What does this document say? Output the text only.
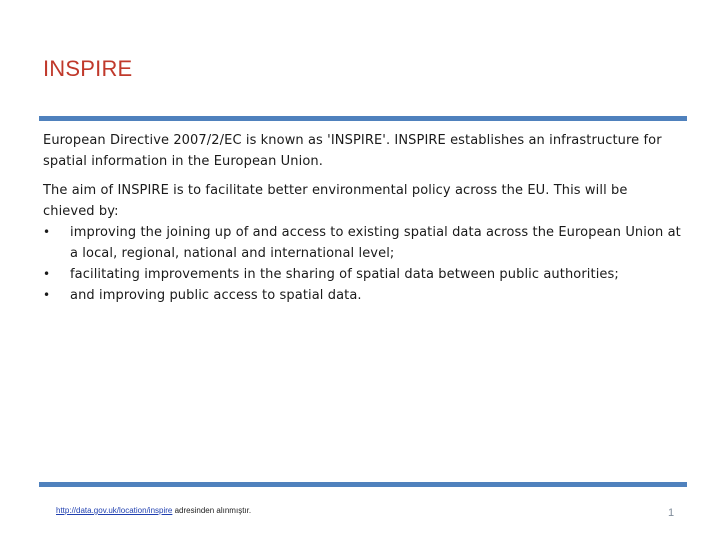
INSPIRE

European Directive 2007/2/EC is known as 'INSPIRE'. INSPIRE establishes an infrastructure for spatial information in the European Union.

The aim of INSPIRE is to facilitate better environmental policy across the EU. This will be chieved by:

•	improving the joining up of and access to existing spatial data across the European Union at a local, regional, national and international level;
•	facilitating improvements in the sharing of spatial data between public authorities;
•	and improving public access to spatial data.
http://data.gov.uk/location/inspire adresinden alınmıştır.	1
